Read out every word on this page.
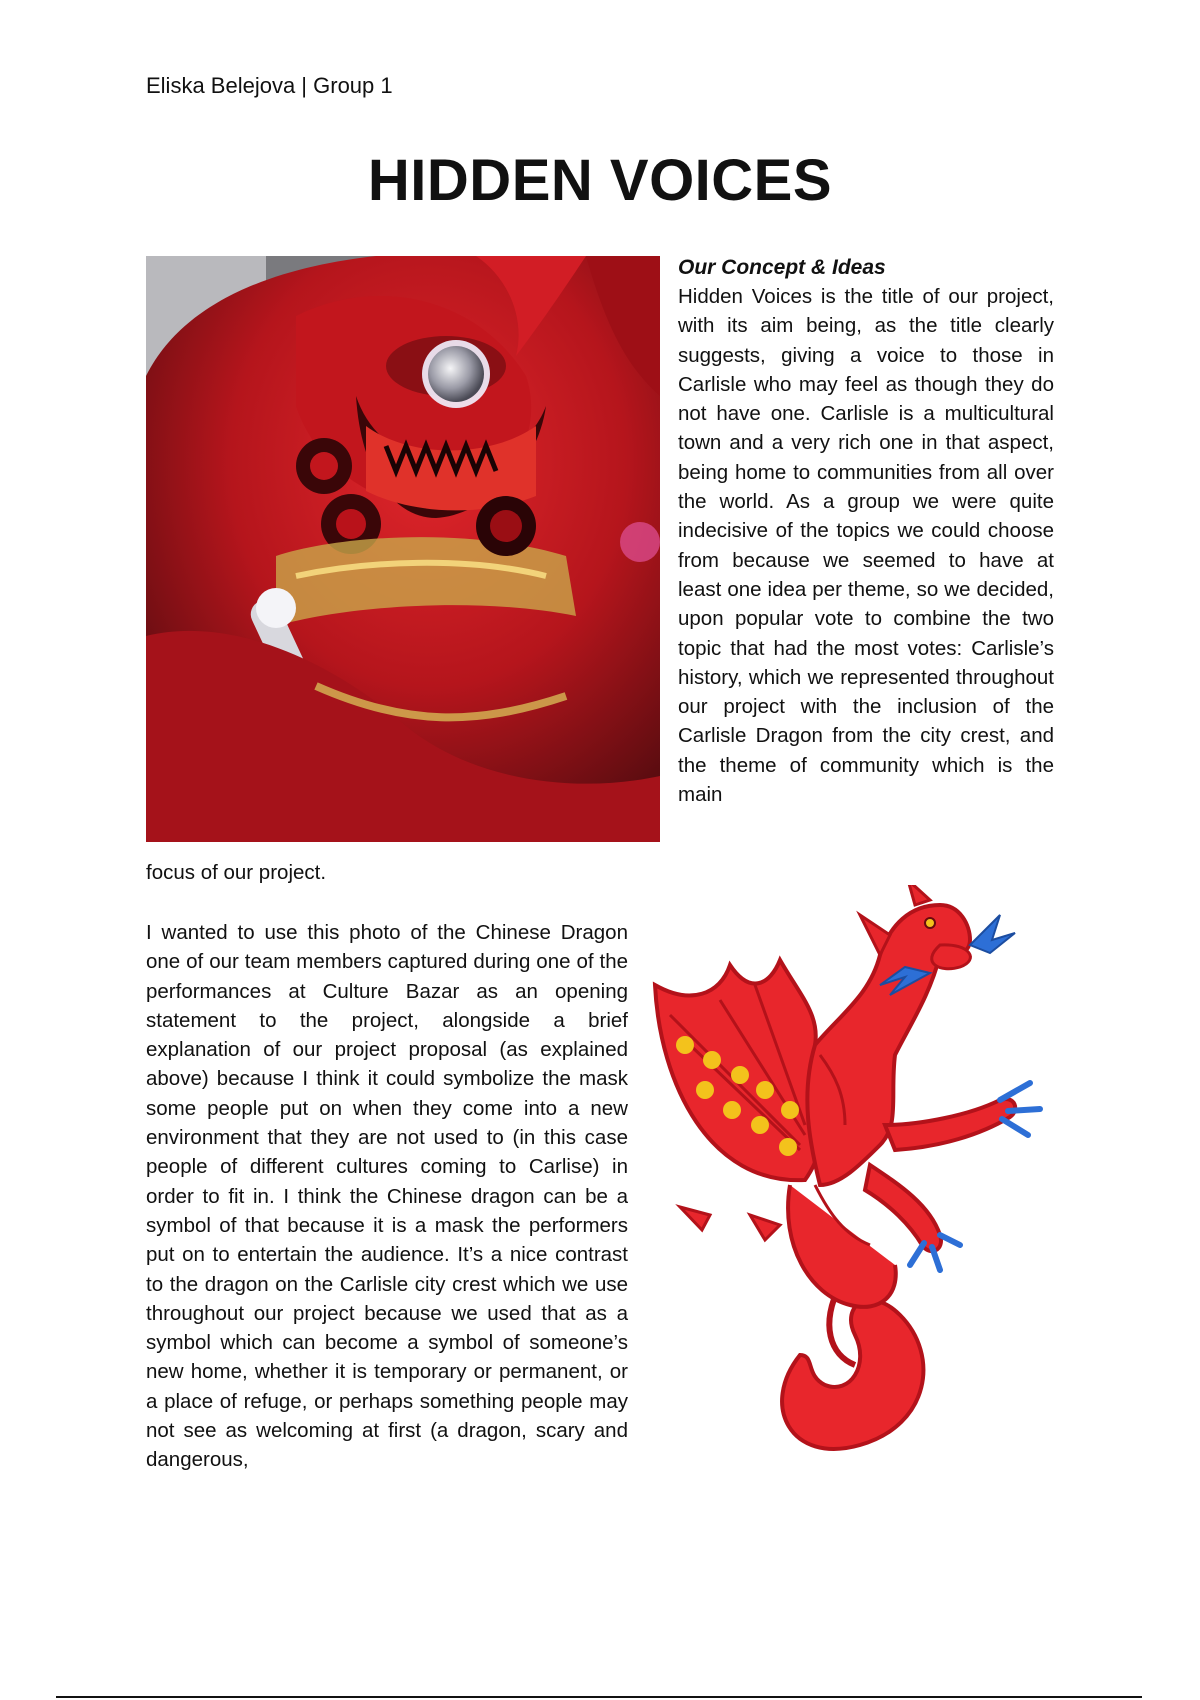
Eliska Belejova | Group 1
HIDDEN VOICES

Our Concept & Ideas

Hidden Voices is the title of our project, with its aim being, as the title clearly suggests, giving a voice to those in Carlisle who may feel as though they do not have one. Carlisle is a multicultural town and a very rich one in that aspect, being home to communities from all over the world. As a group we were quite indecisive of the topics we could choose from because we seemed to have at least one idea per theme, so we decided, upon popular vote to combine the two topic that had the most votes: Carlisle’s history, which we represented throughout our project with the inclusion of the Carlisle Dragon from the city crest, and the theme of community which is the main

focus of our project.

I wanted to use this photo of the Chinese Dragon one of our team members captured during one of the performances at Culture Bazar as an opening statement to the project, alongside a brief explanation of our project proposal (as explained above) because I think it could symbolize the mask some people put on when they come into a new environment that they are not used to (in this case people of different cultures coming to Carlise) in order to fit in. I think the Chinese dragon can be a symbol of that because it is a mask the performers put on to entertain the audience. It’s a nice contrast to the dragon on the Carlisle city crest which we use throughout our project because we used that as a symbol which can become a symbol of someone’s new home, whether it is temporary or permanent, or a place of refuge, or perhaps something people may not see as welcoming at first (a dragon, scary and dangerous,
